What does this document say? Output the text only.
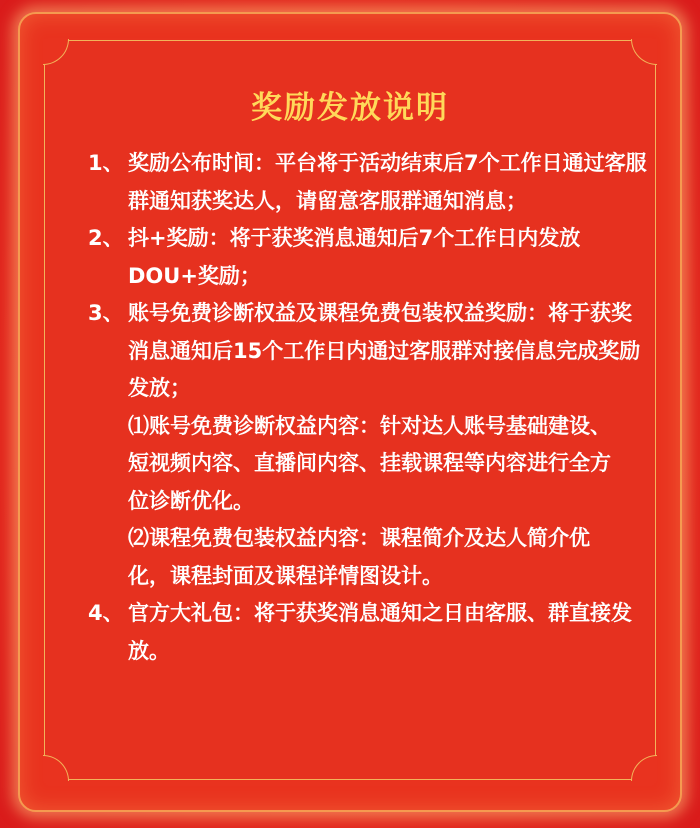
奖励发放说明
1、 奖励公布时间：平台将于活动结束后7个工作日通过客服群通知获奖达人，请留意客服群通知消息；
2、 抖+奖励：将于获奖消息通知后7个工作日内发放DOU+奖励；
3、 账号免费诊断权益及课程免费包装权益奖励：将于获奖消息通知后15个工作日内通过客服群对接信息完成奖励发放；
⑴账号免费诊断权益内容：针对达人账号基础建设、短视频内容、直播间内容、挂载课程等内容进行全方位诊断优化。
⑵课程免费包装权益内容：课程简介及达人简介优化，课程封面及课程详情图设计。
4、 官方大礼包：将于获奖消息通知之日由客服、群直接发放。
